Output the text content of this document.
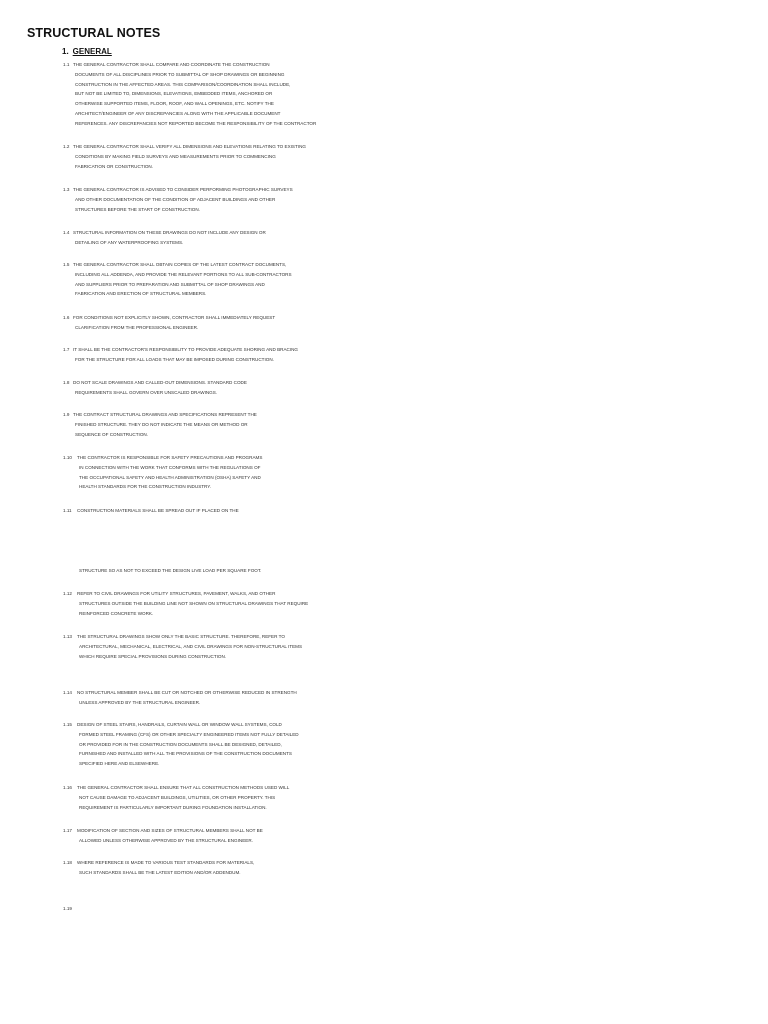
STRUCTURAL NOTES
1. GENERAL
1.1 THE GENERAL CONTRACTOR SHALL COMPARE AND COORDINATE THE CONSTRUCTION
DOCUMENTS OF ALL DISCIPLINES PRIOR TO SUBMITTAL OF SHOP DRAWINGS OR BEGINNING
CONSTRUCTION IN THE AFFECTED AREAS. THIS COMPARISON/COORDINATION SHALL INCLUDE,
BUT NOT BE LIMITED TO, DIMENSIONS, ELEVATIONS, EMBEDDED ITEMS, ANCHORED OR
OTHERWISE SUPPORTED ITEMS, FLOOR, ROOF, AND WALL OPENINGS, ETC. NOTIFY THE
ARCHITECT/ENGINEER OF ANY DISCREPANCIES ALONG WITH THE APPLICABLE DOCUMENT
REFERENCES. ANY DISCREPANCIES NOT REPORTED BECOME THE RESPONSIBILITY OF THE CONTRACTOR
1.2 THE GENERAL CONTRACTOR SHALL VERIFY ALL DIMENSIONS AND ELEVATIONS RELATING TO EXISTING
CONDITIONS BY MAKING FIELD SURVEYS AND MEASUREMENTS PRIOR TO COMMENCING
FABRICATION OR CONSTRUCTION.
1.3 THE GENERAL CONTRACTOR IS ADVISED TO CONSIDER PERFORMING PHOTOGRAPHIC SURVEYS
AND OTHER DOCUMENTATION OF THE CONDITION OF ADJACENT BUILDINGS AND OTHER
STRUCTURES BEFORE THE START OF CONSTRUCTION.
1.4 STRUCTURAL INFORMATION ON THESE DRAWINGS DO NOT INCLUDE ANY DESIGN OR
DETAILING OF ANY WATERPROOFING SYSTEMS.
1.5 THE GENERAL CONTRACTOR SHALL OBTAIN COPIES OF THE LATEST CONTRACT DOCUMENTS,
INCLUDING ALL ADDENDA, AND PROVIDE THE RELEVANT PORTIONS TO ALL SUB-CONTRACTORS
AND SUPPLIERS PRIOR TO PREPARATION AND SUBMITTAL OF SHOP DRAWINGS AND
FABRICATION AND ERECTION OF STRUCTURAL MEMBERS.
1.6 FOR CONDITIONS NOT EXPLICITLY SHOWN, CONTRACTOR SHALL IMMEDIATELY REQUEST
CLARIFICATION FROM THE PROFESSIONAL ENGINEER.
1.7 IT SHALL BE THE CONTRACTOR'S RESPONSIBILITY TO PROVIDE ADEQUATE SHORING AND BRACING
FOR THE STRUCTURE FOR ALL LOADS THAT MAY BE IMPOSED DURING CONSTRUCTION.
1.8 DO NOT SCALE DRAWINGS AND CALLED-OUT DIMENSIONS. STANDARD CODE
REQUIREMENTS SHALL GOVERN OVER UNSCALED DRAWINGS.
1.9 THE CONTRACT STRUCTURAL DRAWINGS AND SPECIFICATIONS REPRESENT THE
FINISHED STRUCTURE. THEY DO NOT INDICATE THE MEANS OR METHOD OR
SEQUENCE OF CONSTRUCTION.
1.10	THE CONTRACTOR IS RESPONSIBLE FOR SAFETY PRECAUTIONS AND PROGRAMS
IN CONNECTION WITH THE WORK THAT CONFORMS WITH THE REGULATIONS OF
THE OCCUPATIONAL SAFETY AND HEALTH ADMINISTRATION (OSHA) SAFETY AND
HEALTH STANDARDS FOR THE CONSTRUCTION INDUSTRY.
1.11	CONSTRUCTION MATERIALS SHALL BE SPREAD OUT IF PLACED ON THE
STRUCTURE SO AS NOT TO EXCEED THE DESIGN LIVE LOAD PER SQUARE FOOT.
1.12	REFER TO CIVIL DRAWINGS FOR UTILITY STRUCTURES, PAVEMENT, WALKS, AND OTHER
STRUCTURES OUTSIDE THE BUILDING LINE NOT SHOWN ON STRUCTURAL DRAWINGS THAT REQUIRE
REINFORCED CONCRETE WORK.
1.13	THE STRUCTURAL DRAWINGS SHOW ONLY THE BASIC STRUCTURE. THEREFORE, REFER TO
ARCHITECTURAL, MECHANICAL, ELECTRICAL, AND CIVIL DRAWINGS FOR NON-STRUCTURAL ITEMS
WHICH REQUIRE SPECIAL PROVISIONS DURING CONSTRUCTION.
1.14	NO STRUCTURAL MEMBER SHALL BE CUT OR NOTCHED OR OTHERWISE REDUCED IN STRENGTH
UNLESS APPROVED BY THE STRUCTURAL ENGINEER.
1.15	DESIGN OF STEEL STAIRS, HANDRAILS, CURTAIN WALL OR WINDOW WALL SYSTEMS, COLD
FORMED STEEL FRAMING (CFS) OR OTHER SPECIALTY ENGINEERED ITEMS NOT FULLY DETAILED
OR PROVIDED FOR IN THE CONSTRUCTION DOCUMENTS SHALL BE DESIGNED, DETAILED,
FURNISHED AND INSTALLED WITH ALL THE PROVISIONS OF THE CONSTRUCTION DOCUMENTS
SPECIFIED HERE AND ELSEWHERE.
1.16	THE GENERAL CONTRACTOR SHALL ENSURE THAT ALL CONSTRUCTION METHODS USED WILL
NOT CAUSE DAMAGE TO ADJACENT BUILDINGS, UTILITIES, OR OTHER PROPERTY. THIS
REQUIREMENT IS PARTICULARLY IMPORTANT DURING FOUNDATION INSTALLATION.
1.17	MODIFICATION OF SECTION AND SIZES OF STRUCTURAL MEMBERS SHALL NOT BE
ALLOWED UNLESS OTHERWISE APPROVED BY THE STRUCTURAL ENGINEER.
1.18	WHERE REFERENCE IS MADE TO VARIOUS TEST STANDARDS FOR MATERIALS,
SUCH STANDARDS SHALL BE THE LATEST EDITION AND/OR ADDENDUM.
1.19
